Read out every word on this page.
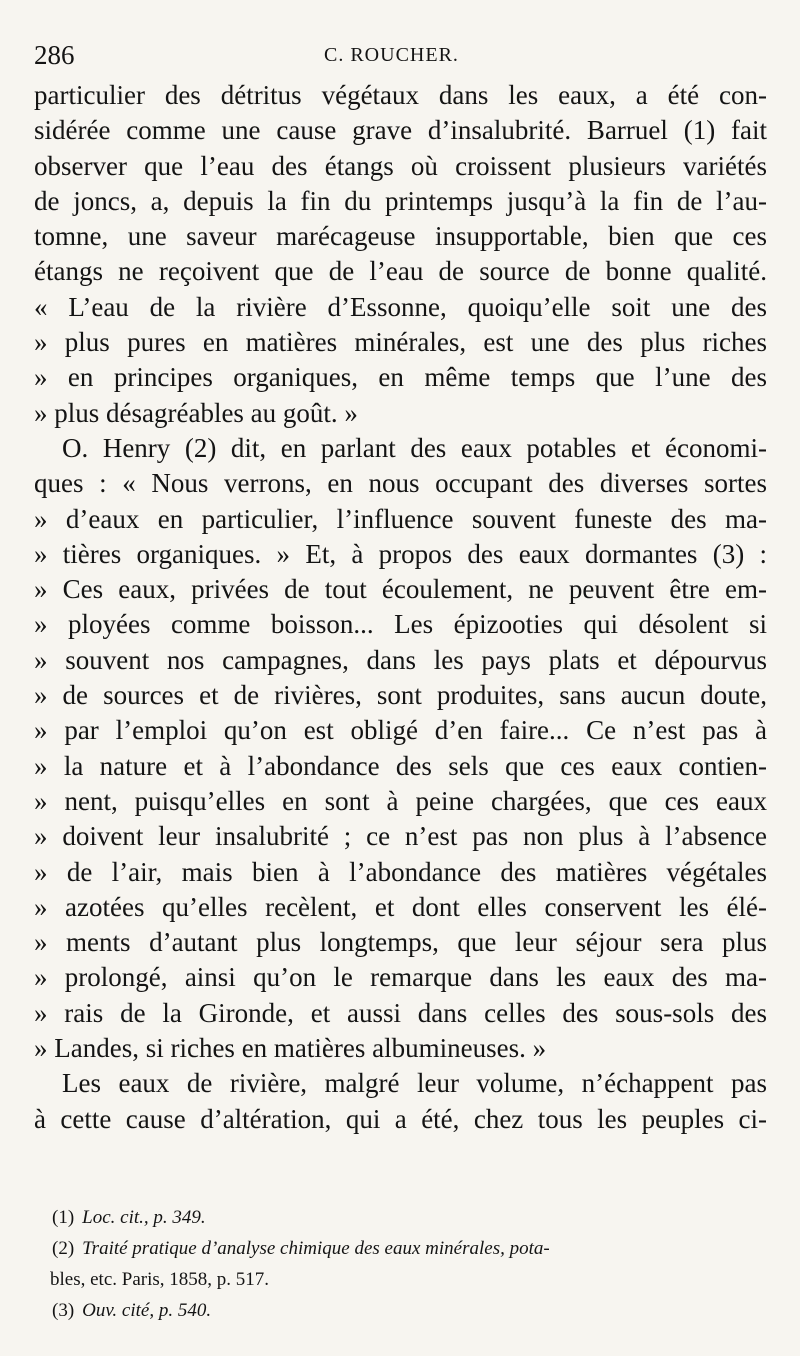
286	C. ROUCHER.
particulier des détritus végétaux dans les eaux, a été con-
sidérée comme une cause grave d’insalubrité. Barruel (1) fait
observer que l’eau des étangs où croissent plusieurs variétés
de joncs, a, depuis la fin du printemps jusqu’à la fin de l’au-
tomne, une saveur marécageuse insupportable, bien que ces
étangs ne reçoivent que de l’eau de source de bonne qualité.
« L’eau de la rivière d’Essonne, quoiqu’elle soit une des
» plus pures en matières minérales, est une des plus riches
» en principes organiques, en même temps que l’une des
» plus désagréables au goût. »
O. Henry (2) dit, en parlant des eaux potables et économi-
ques : « Nous verrons, en nous occupant des diverses sortes
» d’eaux en particulier, l’influence souvent funeste des ma-
» tières organiques. » Et, à propos des eaux dormantes (3) :
» Ces eaux, privées de tout écoulement, ne peuvent être em-
» ployées comme boisson... Les épizooties qui désolent si
» souvent nos campagnes, dans les pays plats et dépourvus
» de sources et de rivières, sont produites, sans aucun doute,
» par l’emploi qu’on est obligé d’en faire... Ce n’est pas à
» la nature et à l’abondance des sels que ces eaux contien-
» nent, puisqu’elles en sont à peine chargées, que ces eaux
» doivent leur insalubrité ; ce n’est pas non plus à l’absence
» de l’air, mais bien à l’abondance des matières végétales
» azotées qu’elles recèlent, et dont elles conservent les élé-
» ments d’autant plus longtemps, que leur séjour sera plus
» prolongé, ainsi qu’on le remarque dans les eaux des ma-
» rais de la Gironde, et aussi dans celles des sous-sols des
» Landes, si riches en matières albumineuses. »
Les eaux de rivière, malgré leur volume, n’échappent pas
à cette cause d’altération, qui a été, chez tous les peuples ci-
(1) Loc. cit., p. 349.
(2) Traité pratique d’analyse chimique des eaux minérales, pota-
bles, etc. Paris, 1858, p. 517.
(3) Ouv. cité, p. 540.
